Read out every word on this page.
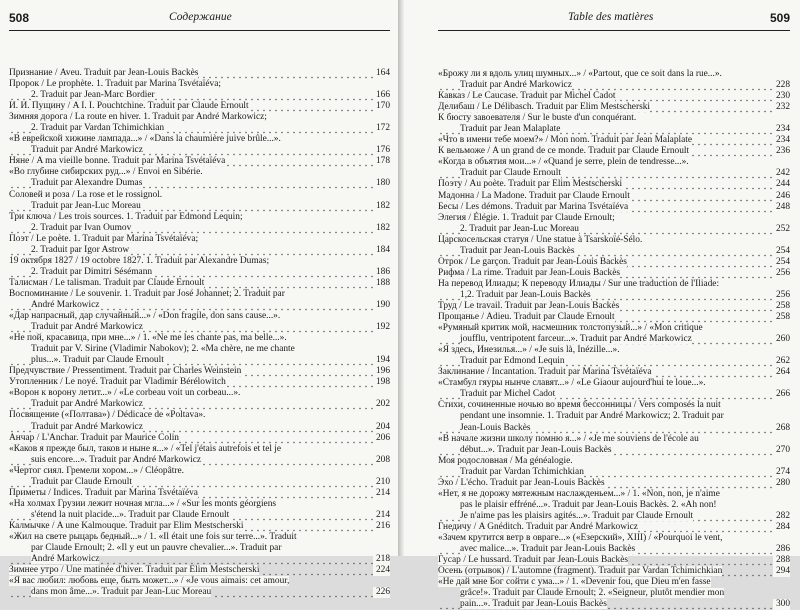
508	Содержание
Признание / Aveu. Traduit par Jean-Louis Backès	164
Пророк / Le prophète. 1. Traduit par Marina Tsvétaïéva;
2. Traduit par Jean-Marc Bordier	166
И. И. Пущину / A I. I. Pouchtchine. Traduit par Claude Ernoult	170
Зимняя дорога / La route en hiver. 1. Traduit par André Markowicz;
2. Traduit par Vardan Tchimichkian	172
«В еврейской хижине лампада...» / «Dans la chaumière juive brûle...».
Traduit par André Markowicz	176
Няне / A ma vieille bonne. Traduit par Marina Tsvétaïéva	178
«Во глубине сибирских руд...» / Envoi en Sibérie.
Traduit par Alexandre Dumas	180
Соловей и роза / La rose et le rossignol.
Traduit par Jean-Luc Moreau	182
Три ключа / Les trois sources. 1. Traduit par Edmond Lequin;
2. Traduit par Ivan Oumov	182
Поэт / Le poète. 1. Traduit par Marina Tsvétaïéva;
2. Traduit par Igor Astrow	184
19 октября 1827 / 19 octobre 1827. 1. Traduit par Alexandre Dumas;
2. Traduit par Dimitri Sésémann	186
Талисман / Le talisman. Traduit par Claude Ernoult	188
Воспоминание / Le souvenir. 1. Traduit par José Johannet; 2. Traduit par
André Markowicz	190
«Дар напрасный, дар случайный...» / «Don fragile, don sans cause...».
Traduit par André Markowicz	192
«Не пой, красавица, при мне...» / 1. «Ne me les chante pas, ma belle...».
Traduit par V. Sirine (Vladimir Nabokov); 2. «Ma chère, ne me chante
plus...». Traduit par Claude Ernoult	194
Предчувствие / Pressentiment. Traduit par Charles Weinstein	196
Утопленник / Le noyé. Traduit par Vladimir Bérélowitch	198
«Ворон к ворону летит...» / «Le corbeau voit un corbeau...».
Traduit par André Markowicz	202
Посвящение («Полтава») / Dédicace de «Poltava».
Traduit par André Markowicz	204
Анчар / L'Anchar. Traduit par Maurice Colin	206
«Каков я прежде был, таков и ныне я...» / «Tel j'étais autrefois et tel je
suis encore...». Traduit par André Markowicz	208
«Чертог сиял. Гремели хором...» / Cléopâtre.
Traduit par Claude Ernoult	210
Приметы / Indices. Traduit par Marina Tsvétaïéva	214
«На холмах Грузии лежит ночная мгла...» / «Sur les monts géorgiens
s'étend la nuit placide...». Traduit par Claude Ernoult	214
Калмычке / A une Kalmouque. Traduit par Elim Mestscherski	216
«Жил на свете рыцарь бедный...» / 1. «Il était une fois sur terre...». Traduit
par Claude Ernoult; 2. «Il y eut un pauvre chevalier...». Traduit par
André Markowicz	218
Зимнее утро / Une matinée d'hiver. Traduit par Elim Mestscherski	224
«Я вас любил: любовь еще, быть может...» / «Je vous aimais: cet amour,
dans mon âme...». Traduit par Jean-Luc Moreau	226
Table des matières	509
«Брожу ли я вдоль улиц шумных...» / «Partout, que ce soit dans la rue...».
Traduit par André Markowicz	228
Кавказ / Le Caucase. Traduit par Michel Cadot	230
Делибаш / Le Délibasch. Traduit par Elim Mestscherski	232
К бюсту завоевателя / Sur le buste d'un conquérant.
Traduit par Jean Malaplate	234
«Что в имени тебе моем?» / Mon nom. Traduit par Jean Malaplate	234
К вельможе / A un grand de ce monde. Traduit par Claude Ernoult	236
«Когда в объятия мои...» / «Quand je serre, plein de tendresse...».
Traduit par Claude Ernoult	242
Поэту / Au poète. Traduit par Elim Mestscherski	244
Мадонна / La Madone. Traduit par Claude Ernoult	246
Бесы / Les démons. Traduit par Marina Tsvétaïéva	248
Элегия / Élégie. 1. Traduit par Claude Ernoult;
2. Traduit par Jean-Luc Moreau	252
Царскосельская статуя / Une statue à Tsarskoïé-Sélo.
Traduit par Jean-Louis Backès	254
Отрок / Le garçon. Traduit par Jean-Louis Backès	254
Рифма / La rime. Traduit par Jean-Louis Backès	256
На перевод Илиады; К переводу Илиады / Sur une traduction de l'Iliade:
1,2. Traduit par Jean-Louis Backès	256
Труд / Le travail. Traduit par Jean-Louis Backès	258
Прощанье / Adieu. Traduit par Claude Ernoult	258
«Румяный критик мой, насмешник толстопузый...» / «Mon critique
joufflu, ventripotent farceur...». Traduit par André Markowicz	260
«Я здесь, Инезилья...» / «Je suis là, Inézille...».
Traduit par Edmond Lequin	262
Заклинание / Incantation. Traduit par Marina Tsvétaïéva	264
«Стамбул гяуры нынче славят...» / «Le Giaour aujourd'hui te loue...».
Traduit par Michel Cadot	266
Стихи, сочиненные ночью во время бессонницы / Vers composés la nuit
pendant une insomnie. 1. Traduit par André Markowicz; 2. Traduit par
Jean-Louis Backès	268
«В начале жизни школу помню я...» / «Je me souviens de l'école au
début...». Traduit par Jean-Louis Backès	270
Моя родословная / Ma généalogie.
Traduit par Vardan Tchimichkian	274
Эхо / L'écho. Traduit par Jean-Louis Backès	280
«Нет, я не дорожу мятежным наслажденьем...» / 1. «Non, non, je n'aime
pas le plaisir effréné...». Traduit par Jean-Louis Backès. 2. «Ah non!
Je n'aime pas les plaisirs agités...». Traduit par Claude Ernoult	282
Гнедичу / A Gnéditch. Traduit par André Markowicz	284
«Зачем крутится ветр в овраге...» («Езерский», XIII) / «Pourquoi le vent,
avec malice...». Traduit par Jean-Louis Backès	286
Гусар / Le hussard. Traduit par Jean-Louis Backès	288
Осень (отрывок) / L'automne (fragment). Traduit par Vardan Tchimichkian	294
«Не дай мне Бог сойти с ума...» / 1. «Devenir fou, que Dieu m'en fasse
grâce!». Traduit par Claude Ernoult; 2. «Seigneur, plutôt mendier mon
pain...». Traduit par Jean-Louis Backès	300
